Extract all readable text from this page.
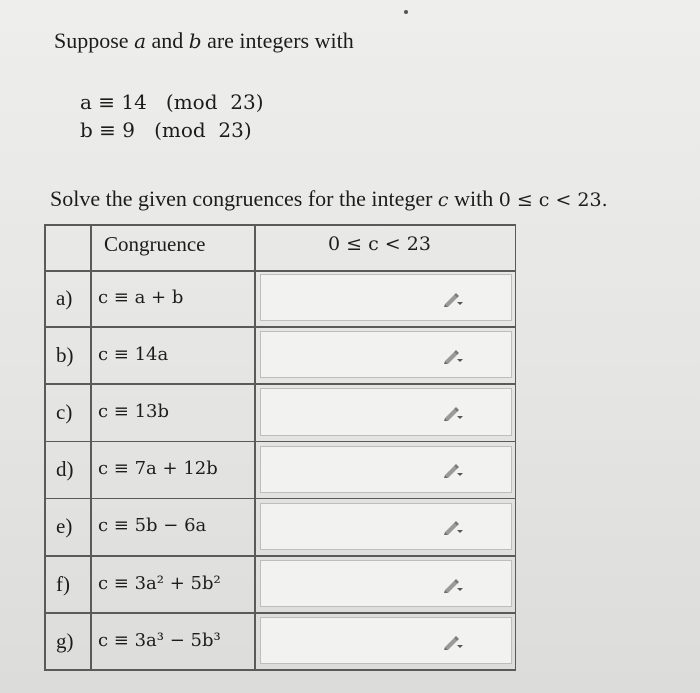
Suppose a and b are integers with
a ≡ 14   (mod  23)
b ≡ 9   (mod  23)
Solve the given congruences for the integer c with 0 ≤ c < 23.
Congruence	0 ≤ c < 23
a) c ≡ a + b
b) c ≡ 14a
c) c ≡ 13b
d) c ≡ 7a + 12b
e) c ≡ 5b − 6a
f) c ≡ 3a² + 5b²
g) c ≡ 3a³ − 5b³
